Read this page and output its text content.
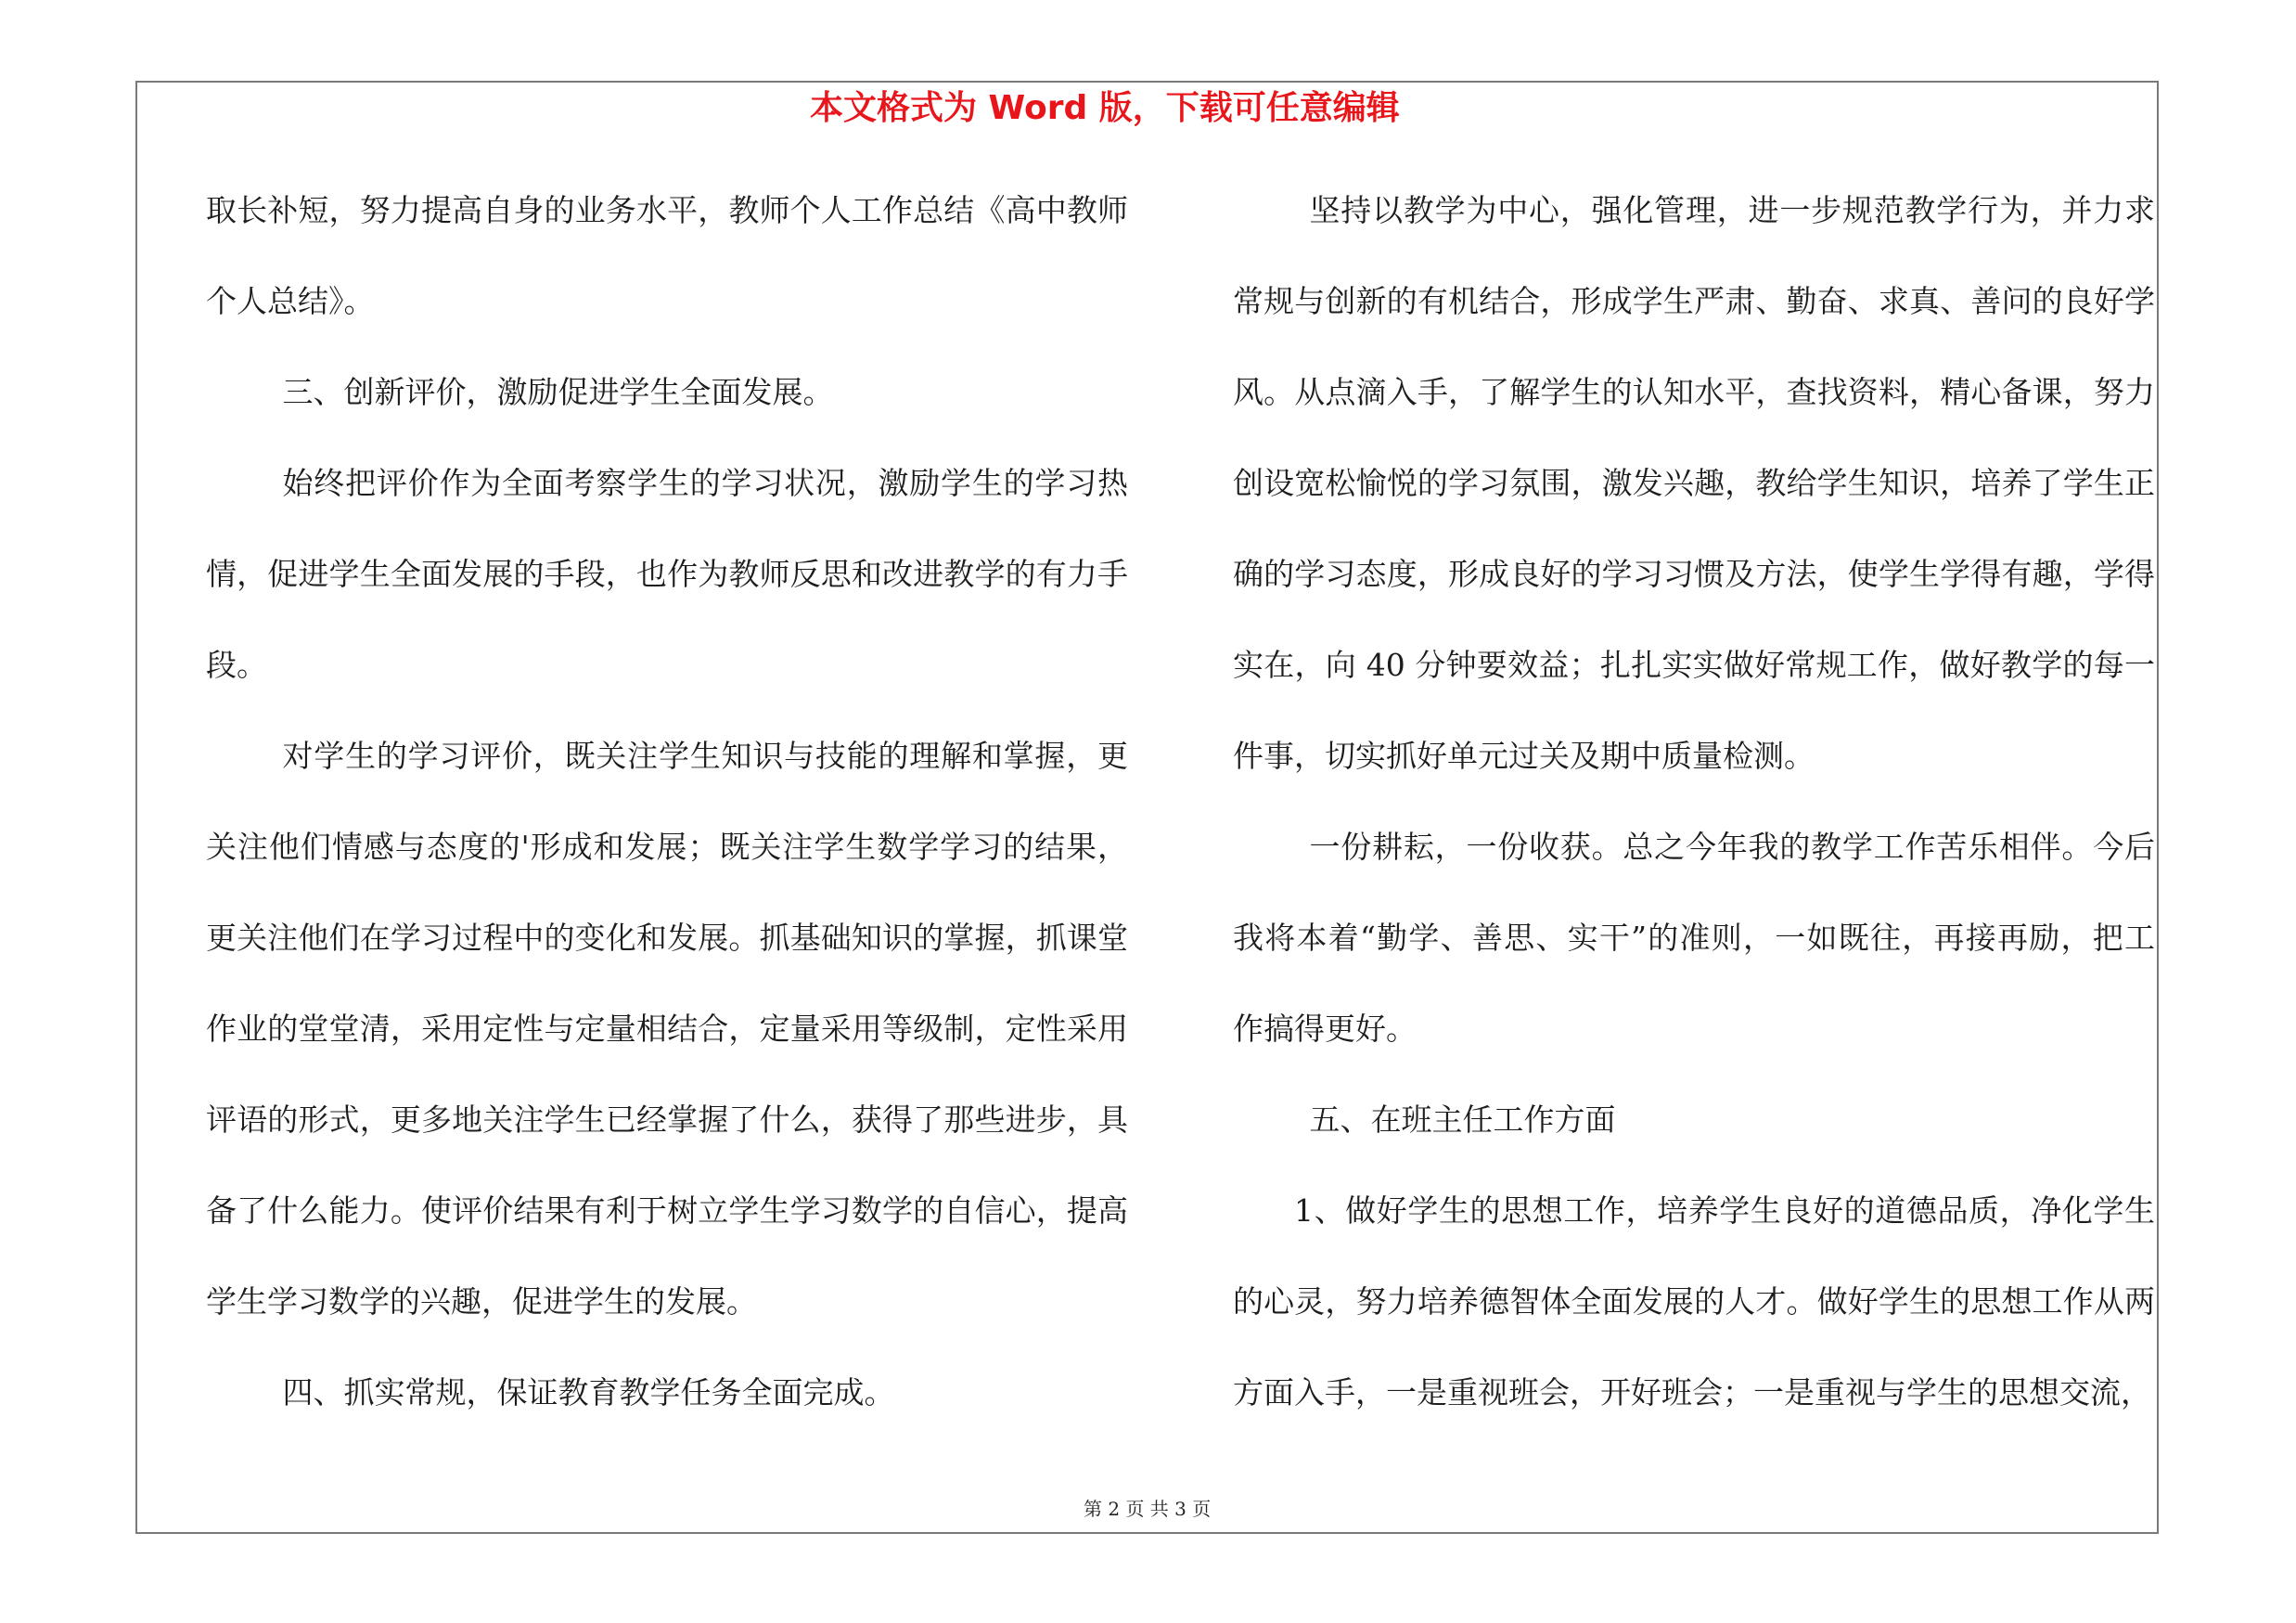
本文格式为 Word 版，下载可任意编辑
取长补短，努力提高自身的业务水平，教师个人工作总结《高中教师
个人总结》。
三、创新评价，激励促进学生全面发展。
始终把评价作为全面考察学生的学习状况，激励学生的学习热
情，促进学生全面发展的手段，也作为教师反思和改进教学的有力手
段。
对学生的学习评价，既关注学生知识与技能的理解和掌握，更
关注他们情感与态度的'形成和发展；既关注学生数学学习的结果，
更关注他们在学习过程中的变化和发展。抓基础知识的掌握，抓课堂
作业的堂堂清，采用定性与定量相结合，定量采用等级制，定性采用
评语的形式，更多地关注学生已经掌握了什么，获得了那些进步，具
备了什么能力。使评价结果有利于树立学生学习数学的自信心，提高
学生学习数学的兴趣，促进学生的发展。
四、抓实常规，保证教育教学任务全面完成。
坚持以教学为中心，强化管理，进一步规范教学行为，并力求
常规与创新的有机结合，形成学生严肃、勤奋、求真、善问的良好学
风。从点滴入手，了解学生的认知水平，查找资料，精心备课，努力
创设宽松愉悦的学习氛围，激发兴趣，教给学生知识，培养了学生正
确的学习态度，形成良好的学习习惯及方法，使学生学得有趣，学得
实在，向 40 分钟要效益；扎扎实实做好常规工作，做好教学的每一
件事，切实抓好单元过关及期中质量检测。
一份耕耘，一份收获。总之今年我的教学工作苦乐相伴。今后
我将本着“勤学、善思、实干”的准则，一如既往，再接再励，把工
作搞得更好。
五、在班主任工作方面
1、做好学生的思想工作，培养学生良好的道德品质，净化学生
的心灵，努力培养德智体全面发展的人才。做好学生的思想工作从两
方面入手，一是重视班会，开好班会；一是重视与学生的思想交流，
第 2 页 共 3 页
